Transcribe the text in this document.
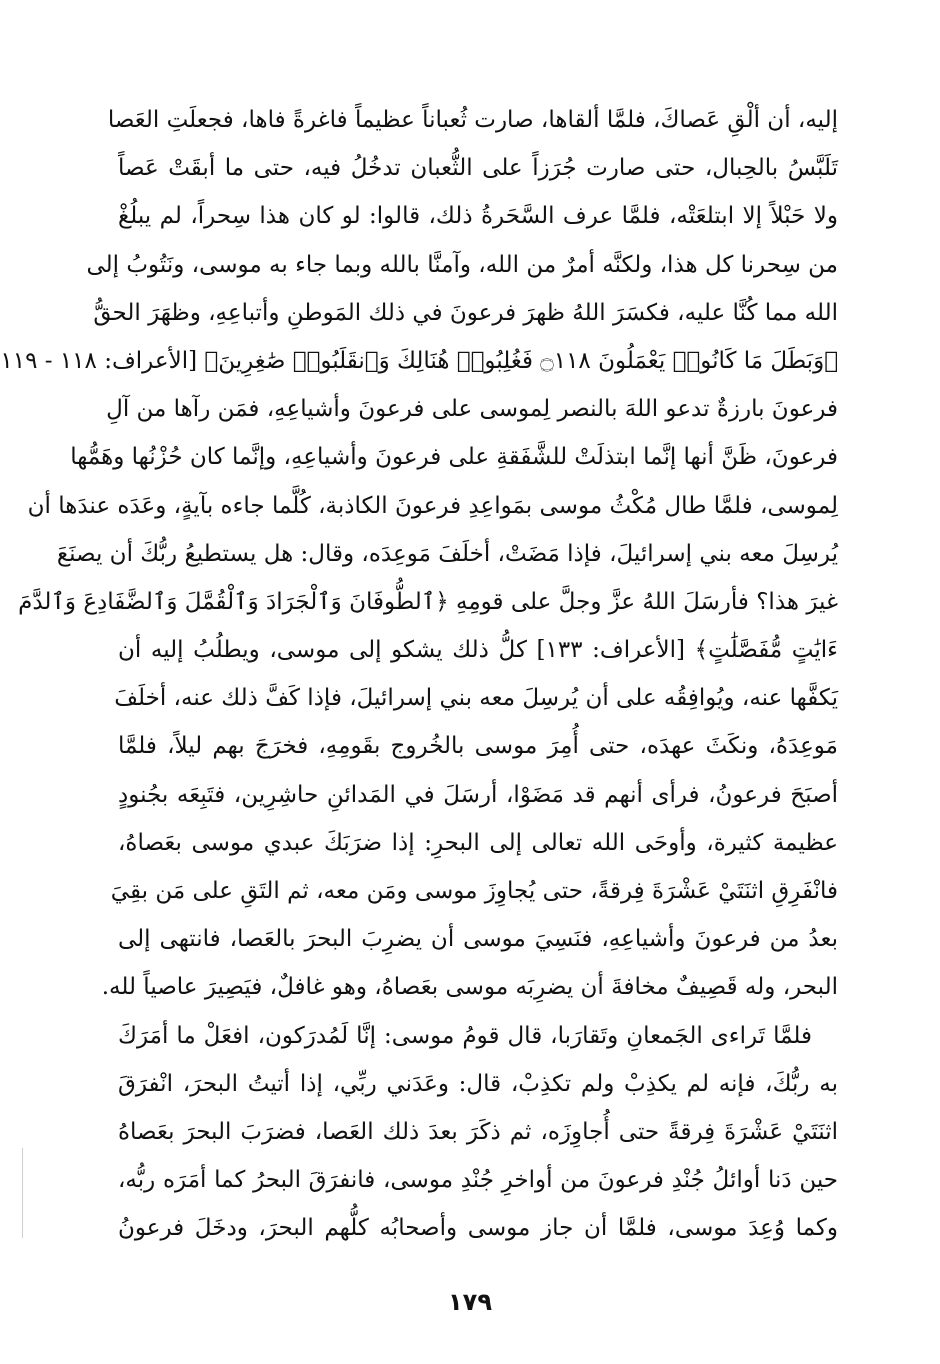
إليه، أن ألْقِ عَصاكَ، فلمَّا ألقاها، صارت ثُعباناً عظيماً فاغرةً فاها، فجعلَتِ العَصا
تَلَبَّسُ بالحِبال، حتى صارت جُرَزاً على الثُّعبان تدخُلُ فيه، حتى ما أبقَتْ عَصاً
ولا حَبْلاً إلا ابتلعَتْه، فلمَّا عرف السَّحَرةُ ذلك، قالوا: لو كان هذا سِحراً، لم يبلُغْ
من سِحرنا كل هذا، ولكنَّه أمرٌ من الله، وآمنَّا بالله وبما جاء به موسى، ونَتُوبُ إلى
الله مما كُنَّا عليه، فكسَرَ اللهُ ظهرَ فرعونَ في ذلك المَوطنِ وأتباعِهِ، وظهَرَ الحقُّ
﴿وَبَطَلَ مَا كَانُوا۟ يَعْمَلُونَ ۝١١٨ فَغُلِبُوا۟ هُنَالِكَ وَٱنقَلَبُوا۟ صَٰغِرِينَ﴾ [الأعراف: ١١٨ - ١١٩
فرعونَ بارزةٌ تدعو اللهَ بالنصر لِموسى على فرعونَ وأشياعِهِ، فمَن رآها من آلِ
فرعونَ، ظَنَّ أنها إنَّما ابتذلَتْ للشَّفَقةِ على فرعونَ وأشياعِهِ، وإنَّما كان حُزْنُها وهَمُّها
لِموسى، فلمَّا طال مُكْثُ موسى بمَواعِدِ فرعونَ الكاذبة، كُلَّما جاءه بآيةٍ، وعَدَه عندَها أن
يُرسِلَ معه بني إسرائيلَ، فإذا مَضَتْ، أخلَفَ مَوعِدَه، وقال: هل يستطيعُ ربُّكَ أن يصنَعَ
غيرَ هذا؟ فأرسَلَ اللهُ عزَّ وجلَّ على قومِهِ ﴿ٱلطُّوفَانَ وَٱلْجَرَادَ وَٱلْقُمَّلَ وَٱلضَّفَادِعَ وَٱلدَّمَ
ءَايَٰتٍ مُّفَصَّلَٰتٍ﴾ [الأعراف: ١٣٣] كلُّ ذلك يشكو إلى موسى، ويطلُبُ إليه أن
يَكفَّها عنه، ويُوافِقُه على أن يُرسِلَ معه بني إسرائيلَ، فإذا كَفَّ ذلك عنه، أخلَفَ
مَوعِدَهُ، ونكَثَ عهدَه، حتى أُمِرَ موسى بالخُروج بقَومِهِ، فخرَجَ بهم ليلاً، فلمَّا
أصبَحَ فرعونُ، فرأى أنهم قد مَضَوْا، أرسَلَ في المَدائنِ حاشِرِين، فتَبِعَه بجُنودٍ
عظيمة كثيرة، وأوحَى الله تعالى إلى البحرِ: إذا ضرَبَكَ عبدي موسى بعَصاهُ،
فانْفَرِقِ اثنَتَيْ عَشْرَةَ فِرقةً، حتى يُجاوِزَ موسى ومَن معه، ثم التَقِ على مَن بقِيَ
بعدُ من فرعونَ وأشياعِهِ، فنَسِيَ موسى أن يضرِبَ البحرَ بالعَصا، فانتهى إلى
البحر، وله قَصِيفٌ مخافةَ أن يضرِبَه موسى بعَصاهُ، وهو غافلٌ، فيَصِيرَ عاصياً لله.
فلمَّا تَراءى الجَمعانِ وتَقارَبا، قال قومُ موسى: إنَّا لَمُدرَكون، افعَلْ ما أمَرَكَ
به ربُّكَ، فإنه لم يكذِبْ ولم تكذِبْ، قال: وعَدَني ربِّي، إذا أتيتُ البحرَ، انْفرَقَ
اثنَتَيْ عَشْرَةَ فِرقةً حتى أُجاوِزَه، ثم ذكَرَ بعدَ ذلك العَصا، فضرَبَ البحرَ بعَصاهُ
حين دَنا أوائلُ جُنْدِ فرعونَ من أواخرِ جُنْدِ موسى، فانفرَقَ البحرُ كما أمَرَه ربُّه،
وكما وُعِدَ موسى، فلمَّا أن جاز موسى وأصحابُه كلُّهم البحرَ، ودخَلَ فرعونُ
١٧٩
